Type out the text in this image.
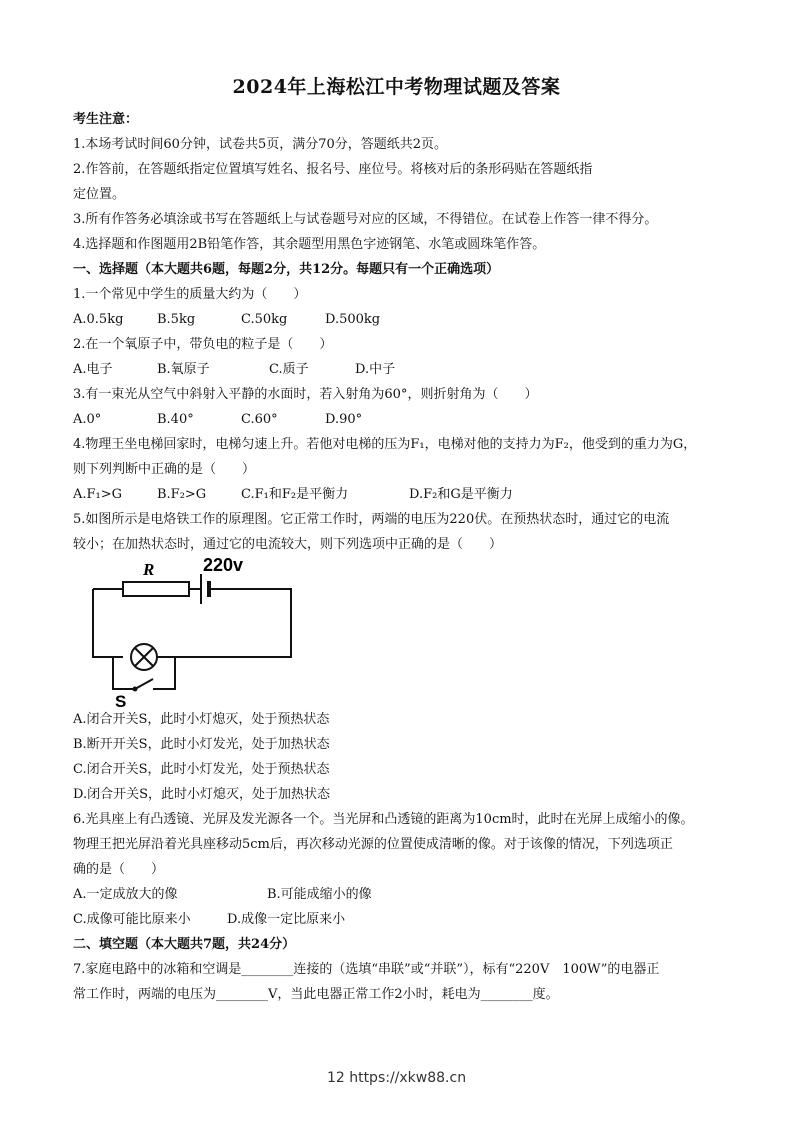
2024年上海松江中考物理试题及答案
考生注意：
1.本场考试时间60分钟，试卷共5页，满分70分，答题纸共2页。
2.作答前，在答题纸指定位置填写姓名、报名号、座位号。将核对后的条形码贴在答题纸指
定位置。
3.所有作答务必填涂或书写在答题纸上与试卷题号对应的区域，不得错位。在试卷上作答一律不得分。
4.选择题和作图题用2B铅笔作答，其余题型用黑色字迹钢笔、水笔或圆珠笔作答。
一、选择题（本大题共6题，每题2分，共12分。每题只有一个正确选项）
1.一个常见中学生的质量大约为（　　）
A.0.5kg	B.5kg	C.50kg	D.500kg
2.在一个氧原子中，带负电的粒子是（　　）
A.电子	B.氧原子	C.质子	D.中子
3.有一束光从空气中斜射入平静的水面时，若入射角为60°，则折射角为（　　）
A.0°	B.40°	C.60°	D.90°
4.物理王坐电梯回家时，电梯匀速上升。若他对电梯的压为F₁，电梯对他的支持力为F₂，他受到的重力为G，
则下列判断中正确的是（　　）
A.F₁>G	B.F₂>G	C.F₁和F₂是平衡力	D.F₂和G是平衡力
5.如图所示是电烙铁工作的原理图。它正常工作时，两端的电压为220伏。在预热状态时，通过它的电流
较小；在加热状态时，通过它的电流较大，则下列选项中正确的是（　　）
R	220v
S
A.闭合开关S，此时小灯熄灭，处于预热状态
B.断开开关S，此时小灯发光，处于加热状态
C.闭合开关S，此时小灯发光，处于预热状态
D.闭合开关S，此时小灯熄灭，处于加热状态
6.光具座上有凸透镜、光屏及发光源各一个。当光屏和凸透镜的距离为10cm时，此时在光屏上成缩小的像。
物理王把光屏沿着光具座移动5cm后，再次移动光源的位置使成清晰的像。对于该像的情况，下列选项正
确的是（　　）
A.一定成放大的像	B.可能成缩小的像
C.成像可能比原来小	D.成像一定比原来小
二、填空题（本大题共7题，共24分）
7.家庭电路中的冰箱和空调是________连接的（选填“串联”或“并联”），标有“220V　100W”的电器正
常工作时，两端的电压为________V，当此电器正常工作2小时，耗电为________度。
12 https://xkw88.cn
